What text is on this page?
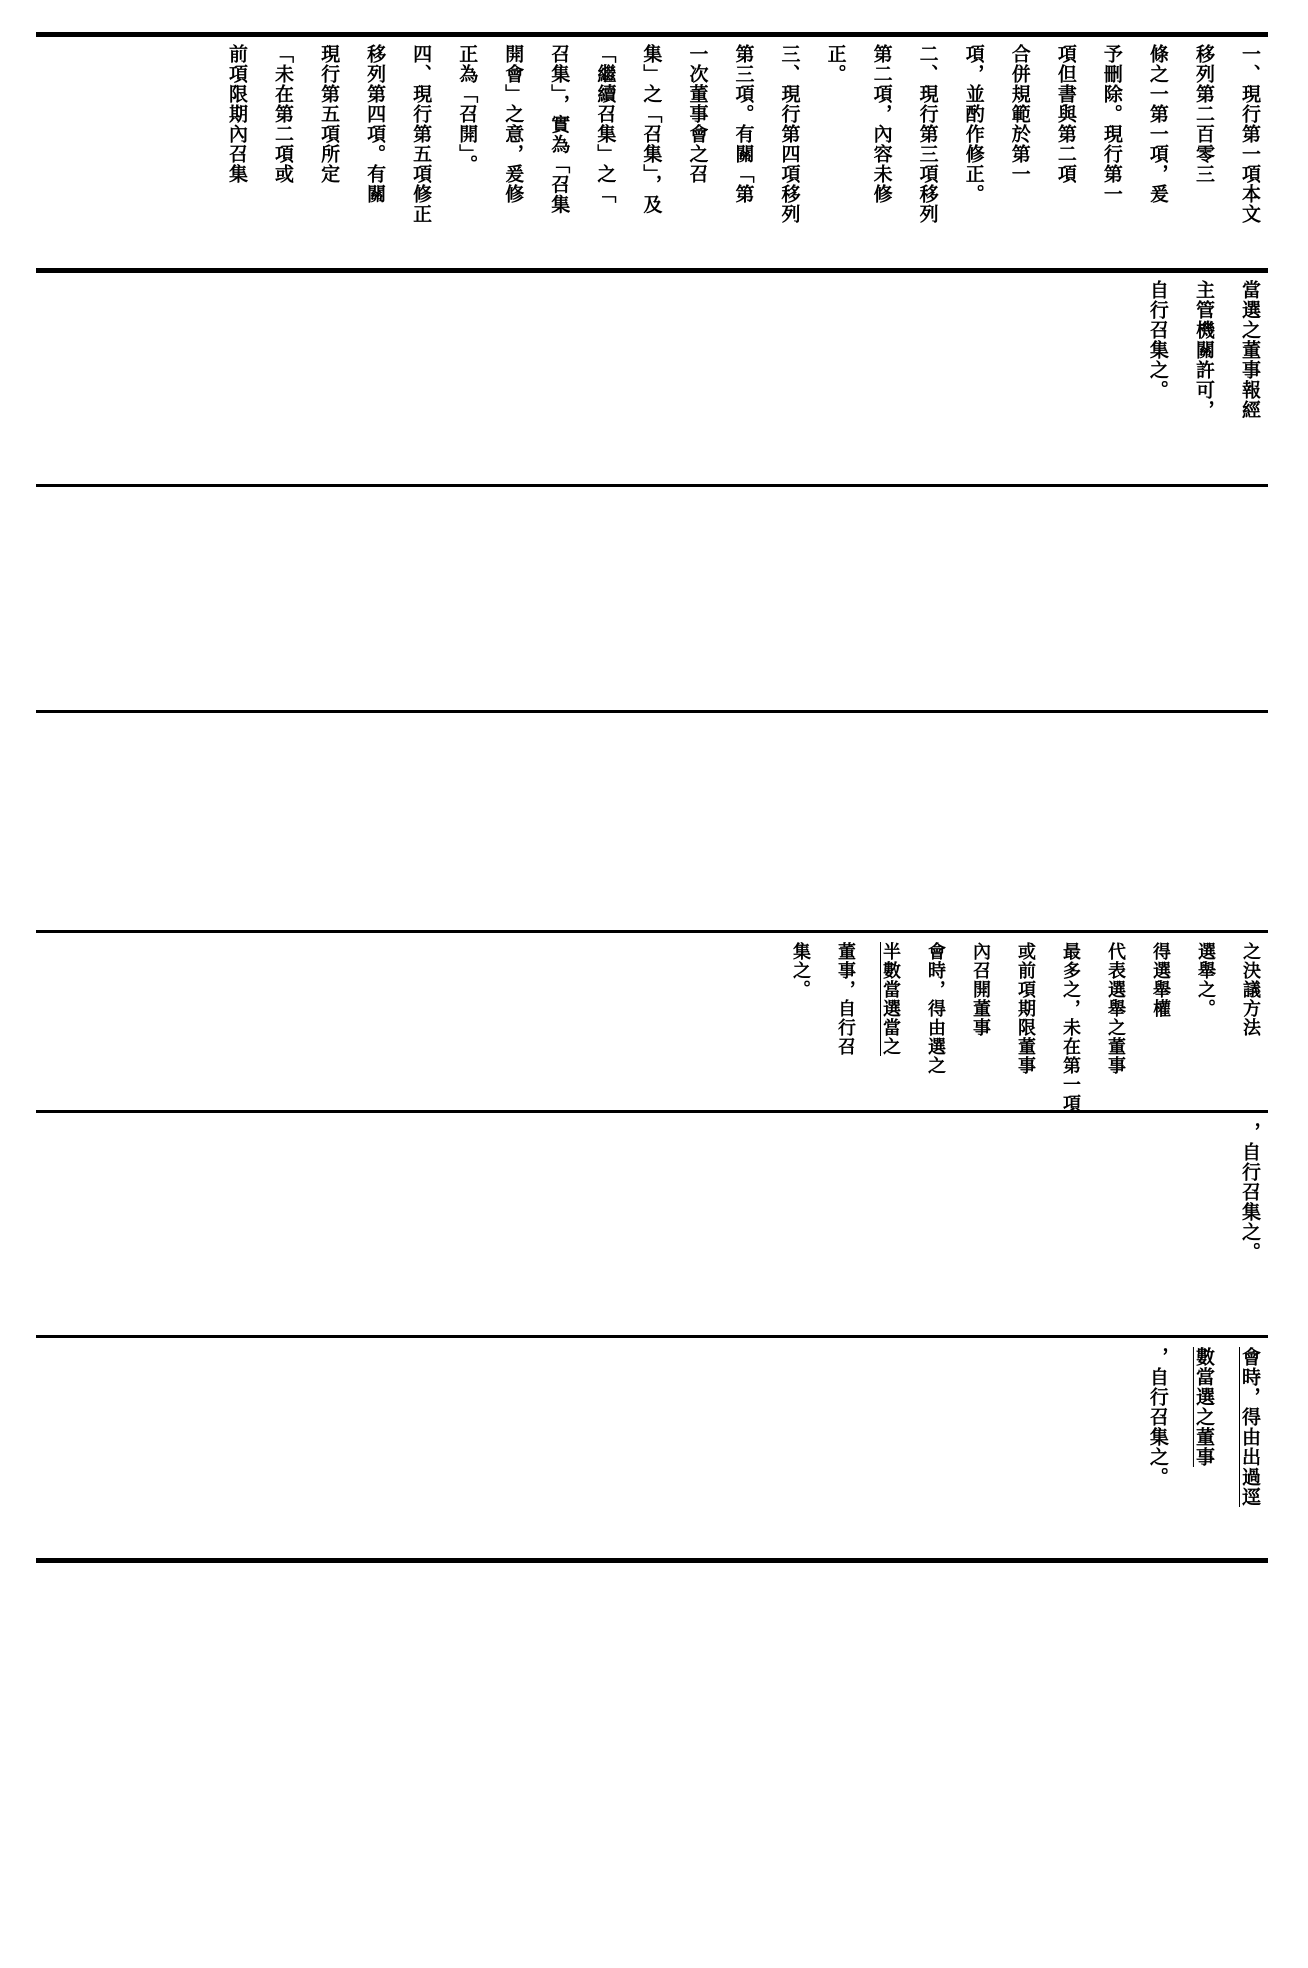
一、現行第一項本文
移列第二百零三
條之一第一項，爰
予刪除。現行第一
項但書與第二項
合併規範於第一
項，並酌作修正。
二、現行第三項移列
第二項，內容未修
正。
三、現行第四項移列
第三項。有關「第
一次董事會之召
集」之「召集」，及
「繼續召集」之「
召集」，實為「召集
開會」之意，爰修
正為「召開」。
四、現行第五項修正
移列第四項。有關
現行第五項所定
「未在第二項或
前項限期內召集
當選之董事報經
主管機關許可，
自行召集之。
之決議方法
選舉之。
得選舉權
代表選舉之董事
最多之，未在第一項
或前項期限董事
內召開董事
會時，得由選之
半數當選當之
董事，自行召
集之。
，自行召集之。
會時，得由出過逕
數當選之董事
，自行召集之。
